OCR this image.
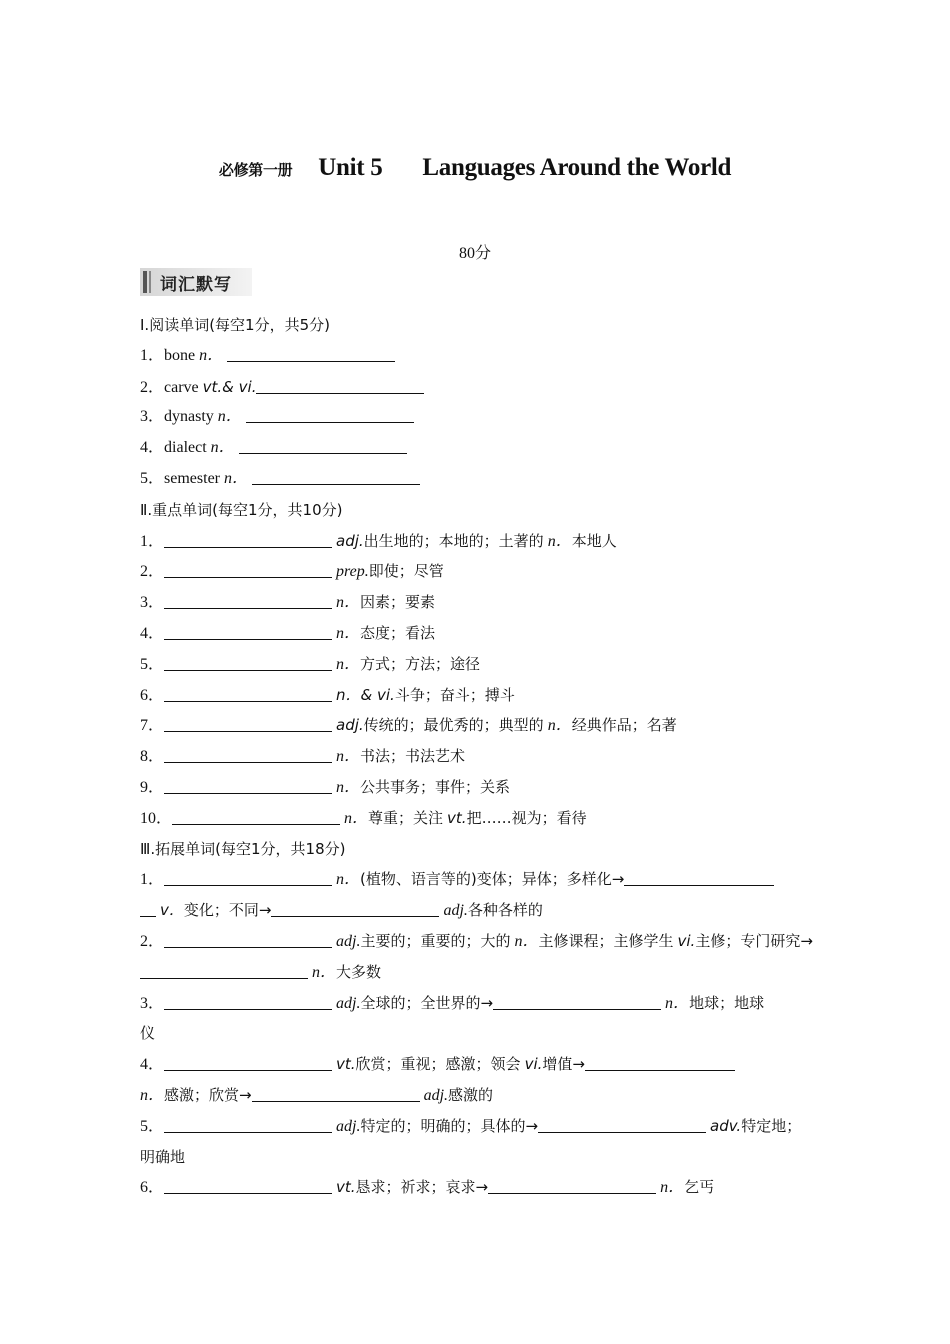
必修第一册 Unit 5 Languages Around the World
80分
词汇默写
Ⅰ.阅读单词(每空1分，共5分)
1．bone n．
2．carve vt.& vi.
3．dynasty n．
4．dialect n．
5．semester n．
Ⅱ.重点单词(每空1分，共10分)
1．	adj.出生地的；本地的；土著的 n．本地人
2．	prep.即使；尽管
3．	n．因素；要素
4．	n．态度；看法
5．	n．方式；方法；途径
6．	n．& vi.斗争；奋斗；搏斗
7．	adj.传统的；最优秀的；典型的 n．经典作品；名著
8．	n．书法；书法艺术
9．	n．公共事务；事件；关系
10．	n．尊重；关注 vt.把……视为；看待
Ⅲ.拓展单词(每空1分，共18分)
1．	n．(植物、语言等的)变体；异体；多样化→
v．变化；不同→	adj.各种各样的
2．	adj.主要的；重要的；大的 n．主修课程；主修学生 vi.主修；专门研究→
n．大多数
3．	adj.全球的；全世界的→	n．地球；地球
仪
4．	vt.欣赏；重视；感激；领会 vi.增值→
n．感激；欣赏→	adj.感激的
5．	adj.特定的；明确的；具体的→	adv.特定地；
明确地
6．	vt.恳求；祈求；哀求→	n．乞丐
